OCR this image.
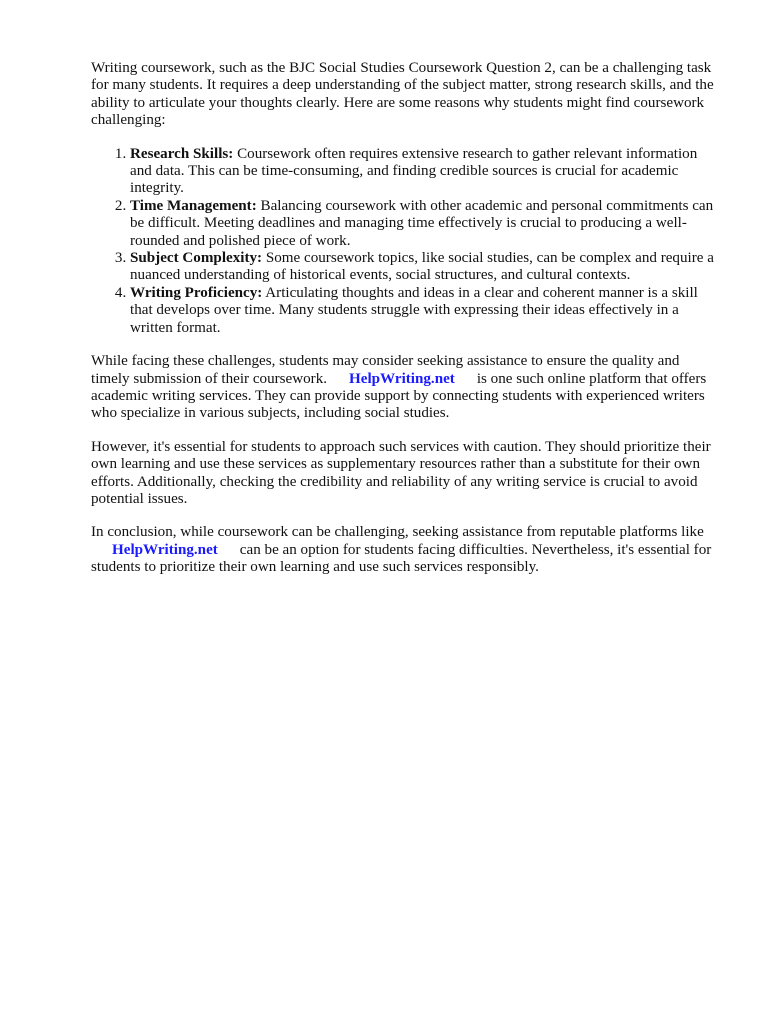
Writing coursework, such as the BJC Social Studies Coursework Question 2, can be a challenging task for many students. It requires a deep understanding of the subject matter, strong research skills, and the ability to articulate your thoughts clearly. Here are some reasons why students might find coursework challenging:

1. Research Skills: Coursework often requires extensive research to gather relevant information and data. This can be time-consuming, and finding credible sources is crucial for academic integrity.
2. Time Management: Balancing coursework with other academic and personal commitments can be difficult. Meeting deadlines and managing time effectively is crucial to producing a well-rounded and polished piece of work.
3. Subject Complexity: Some coursework topics, like social studies, can be complex and require a nuanced understanding of historical events, social structures, and cultural contexts.
4. Writing Proficiency: Articulating thoughts and ideas in a clear and coherent manner is a skill that develops over time. Many students struggle with expressing their ideas effectively in a written format.

While facing these challenges, students may consider seeking assistance to ensure the quality and timely submission of their coursework. HelpWriting.net is one such online platform that offers academic writing services. They can provide support by connecting students with experienced writers who specialize in various subjects, including social studies.

However, it's essential for students to approach such services with caution. They should prioritize their own learning and use these services as supplementary resources rather than a substitute for their own efforts. Additionally, checking the credibility and reliability of any writing service is crucial to avoid potential issues.

In conclusion, while coursework can be challenging, seeking assistance from reputable platforms likeHelpWriting.net can be an option for students facing difficulties. Nevertheless, it's essential for students to prioritize their own learning and use such services responsibly.
